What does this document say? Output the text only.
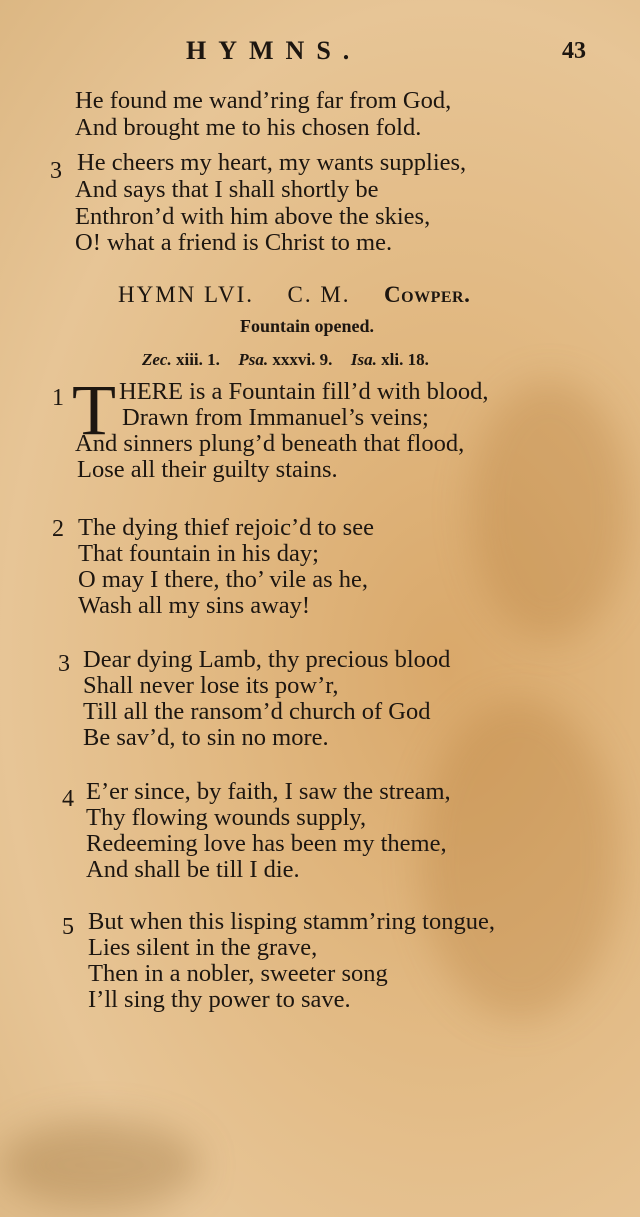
HYMNS.	43
He found me wand’ring far from God,
And brought me to his chosen fold.
3 He cheers my heart, my wants supplies,
And says that I shall shortly be
Enthron’d with him above the skies,
O! what a friend is Christ to me.
HYMN LVI. C. M. Cowper.
Fountain opened.
Zec. xiii. 1. Psa. xxxvi. 9. Isa. xli. 18.
1 T HERE is a Fountain fill’d with blood,
Drawn from Immanuel’s veins;
And sinners plung’d beneath that flood,
Lose all their guilty stains.
2 The dying thief rejoic’d to see
That fountain in his day;
O may I there, tho’ vile as he,
Wash all my sins away!
3 Dear dying Lamb, thy precious blood
Shall never lose its pow’r,
Till all the ransom’d church of God
Be sav’d, to sin no more.
4 E’er since, by faith, I saw the stream,
Thy flowing wounds supply,
Redeeming love has been my theme,
And shall be till I die.
5 But when this lisping stamm’ring tongue,
Lies silent in the grave,
Then in a nobler, sweeter song
I’ll sing thy power to save.
